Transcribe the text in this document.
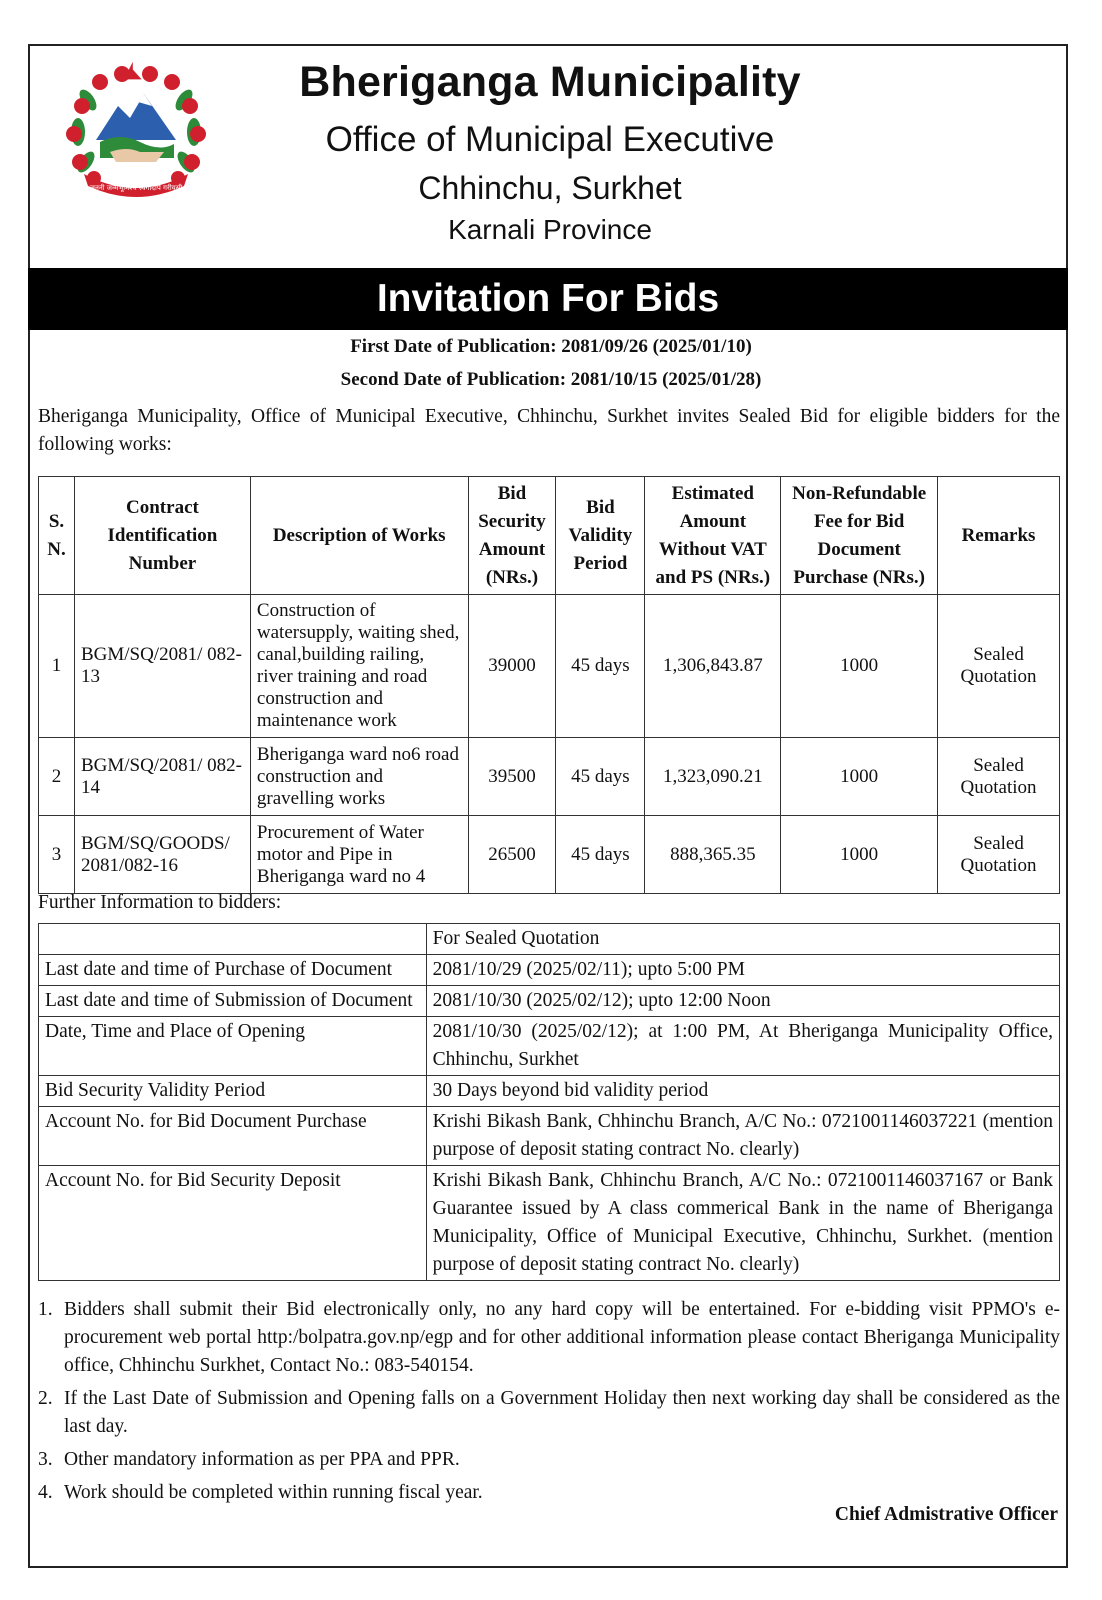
जननी जन्मभूमिश्च स्वर्गादपि गरीयसी
Bheriganga Municipality
Office of Municipal Executive
Chhinchu, Surkhet
Karnali Province
Invitation For Bids
First Date of Publication: 2081/09/26 (2025/01/10)
Second Date of Publication: 2081/10/15 (2025/01/28)
Bheriganga Municipality, Office of Municipal Executive, Chhinchu, Surkhet invites Sealed Bid for eligible bidders for the following works:
S. N.	Contract Identification Number	Description of Works	Bid Security Amount (NRs.)	Bid Validity Period	Estimated Amount Without VAT and PS (NRs.)	Non-Refundable Fee for Bid Document Purchase (NRs.)	Remarks
1	BGM/SQ/2081/ 082-13	Construction of watersupply, waiting shed, canal,building railing, river training and road construction and maintenance work	39000	45 days	1,306,843.87	1000	Sealed Quotation
2	BGM/SQ/2081/ 082-14	Bheriganga ward no6 road construction and gravelling works	39500	45 days	1,323,090.21	1000	Sealed Quotation
3	BGM/SQ/GOODS/ 2081/082-16	Procurement of Water motor and Pipe in Bheriganga ward no 4	26500	45 days	888,365.35	1000	Sealed Quotation
Further Information to bidders:
	For Sealed Quotation
Last date and time of Purchase of Document	2081/10/29 (2025/02/11); upto 5:00 PM
Last date and time of Submission of Document	2081/10/30 (2025/02/12); upto 12:00 Noon
Date, Time and Place of Opening	2081/10/30 (2025/02/12); at 1:00 PM, At Bheriganga Municipality Office, Chhinchu, Surkhet
Bid Security Validity Period	30 Days beyond bid validity period
Account No. for Bid Document Purchase	Krishi Bikash Bank, Chhinchu Branch, A/C No.: 0721001146037221 (mention purpose of deposit stating contract No. clearly)
Account No. for Bid Security Deposit	Krishi Bikash Bank, Chhinchu Branch, A/C No.: 0721001146037167 or Bank Guarantee issued by A class commerical Bank in the name of Bheriganga Municipality, Office of Municipal Executive, Chhinchu, Surkhet. (mention purpose of deposit stating contract No. clearly)
1. Bidders shall submit their Bid electronically only, no any hard copy will be entertained. For e-bidding visit PPMO's e-procurement web portal http:/bolpatra.gov.np/egp and for other additional information please contact Bheriganga Municipality office, Chhinchu Surkhet, Contact No.: 083-540154.
2. If the Last Date of Submission and Opening falls on a Government Holiday then next working day shall be considered as the last day.
3. Other mandatory information as per PPA and PPR.
4. Work should be completed within running fiscal year.
Chief Admistrative Officer
